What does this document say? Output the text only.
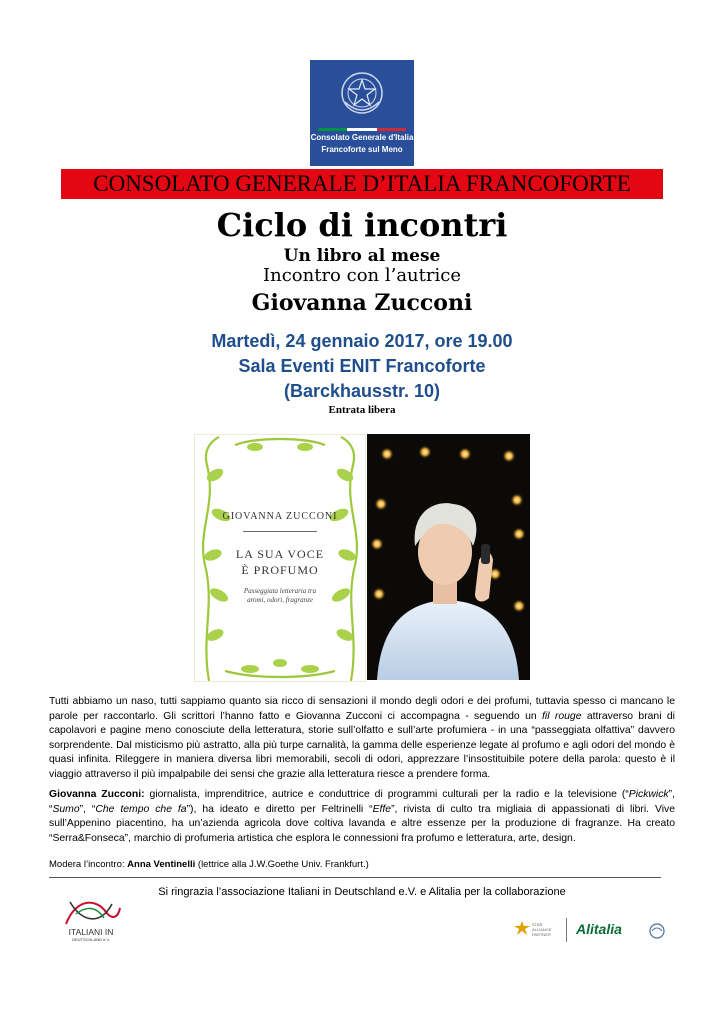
Consolato Generale d'Italia
Francoforte sul Meno
CONSOLATO GENERALE D’ITALIA FRANCOFORTE
Ciclo di incontri
Un libro al mese
Incontro con l’autrice
Giovanna Zucconi
Martedì, 24 gennaio 2017, ore 19.00
Sala Eventi ENIT Francoforte
(Barckhausstr. 10)
Entrata libera
GIOVANNA ZUCCONI
LA SUA VOCE
È PROFUMO
Passeggiata letteraria tra
aromi, odori, fragranze
Tutti abbiamo un naso, tutti sappiamo quanto sia ricco di sensazioni il mondo degli odori e dei profumi, tuttavia spesso ci mancano le parole per raccontarlo. Gli scrittori l’hanno fatto e Giovanna Zucconi ci accompagna - seguendo un fil rouge attraverso brani di capolavori e pagine meno conosciute della letteratura, storie sull’olfatto e sull’arte profumiera - in una “passeggiata olfattiva” davvero sorprendente. Dal misticismo più astratto, alla più turpe carnalità, la gamma delle esperienze legate al profumo e agli odori del mondo è quasi infinita. Rileggere in maniera diversa libri memorabili, secoli di odori, apprezzare l’insostituibile potere della parola: questo è il viaggio attraverso il più impalpabile dei sensi che grazie alla letteratura riesce a prendere forma.
Giovanna Zucconi: giornalista, imprenditrice, autrice e conduttrice di programmi culturali per la radio e la televisione (“Pickwick”, “Sumo”, “Che tempo che fa”), ha ideato e diretto per Feltrinelli “Effe”, rivista di culto tra migliaia di appassionati di libri. Vive sull’Appenino piacentino, ha un’azienda agricola dove coltiva lavanda e altre essenze per la produzione di fragranze. Ha creato “Serra&Fonseca”, marchio di profumeria artistica che esplora le connessioni fra profumo e letteratura, arte, design.
Modera l’incontro: Anna Ventinelli (lettrice alla J.W.Goethe Univ. Frankfurt.)
Si ringrazia l’associazione Italiani in Deutschland e.V. e Alitalia per la collaborazione
ITALIANI IN
DEUTSCHLAND e.V.
STAR ALLIANCE PARTNER	Alitalia
